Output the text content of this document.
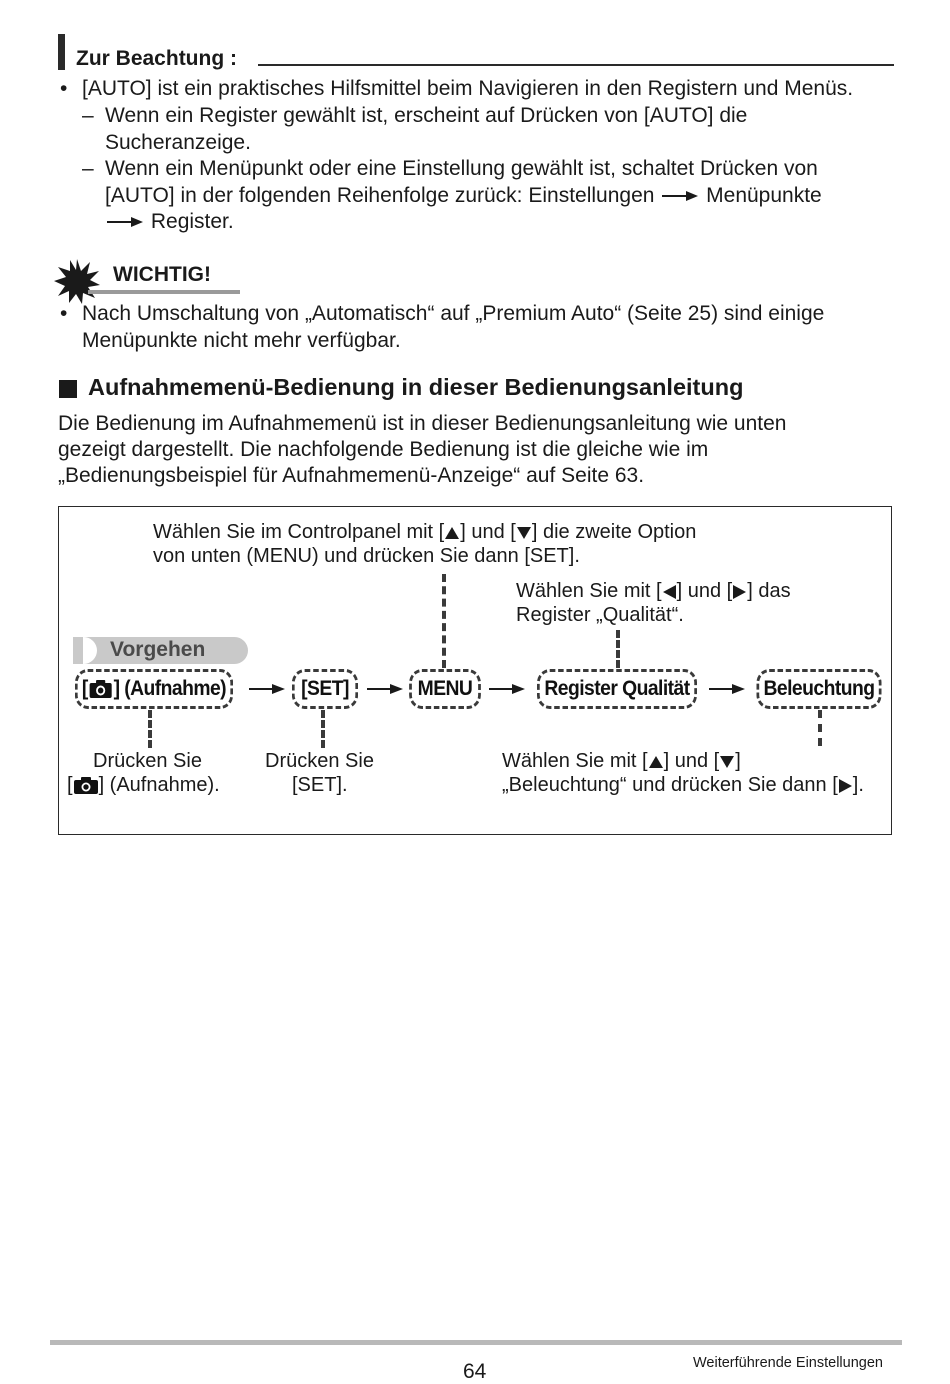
Zur Beachtung :
• [AUTO] ist ein praktisches Hilfsmittel beim Navigieren in den Registern und Menüs.
– Wenn ein Register gewählt ist, erscheint auf Drücken von [AUTO] die
Sucheranzeige.
– Wenn ein Menüpunkt oder eine Einstellung gewählt ist, schaltet Drücken von
[AUTO] in der folgenden Reihenfolge zurück: Einstellungen Menüpunkte
Register.
WICHTIG!
• Nach Umschaltung von „Automatisch“ auf „Premium Auto“ (Seite 25) sind einige
Menüpunkte nicht mehr verfügbar.
Aufnahmemenü-Bedienung in dieser Bedienungsanleitung
Die Bedienung im Aufnahmemenü ist in dieser Bedienungsanleitung wie unten
gezeigt dargestellt. Die nachfolgende Bedienung ist die gleiche wie im
„Bedienungsbeispiel für Aufnahmemenü-Anzeige“ auf Seite 63.
Wählen Sie im Controlpanel mit [ ] und [ ] die zweite Option
von unten (MENU) und drücken Sie dann [SET].
Wählen Sie mit [ ] und [ ] das
Register „Qualität“.
Vorgehen
[ ] (Aufnahme)	[SET]	MENU	Register Qualität	Beleuchtung
Drücken Sie
[ ] (Aufnahme).
Drücken Sie
[SET].
Wählen Sie mit [ ] und [ ]
„Beleuchtung“ und drücken Sie dann [ ].
64	Weiterführende Einstellungen
